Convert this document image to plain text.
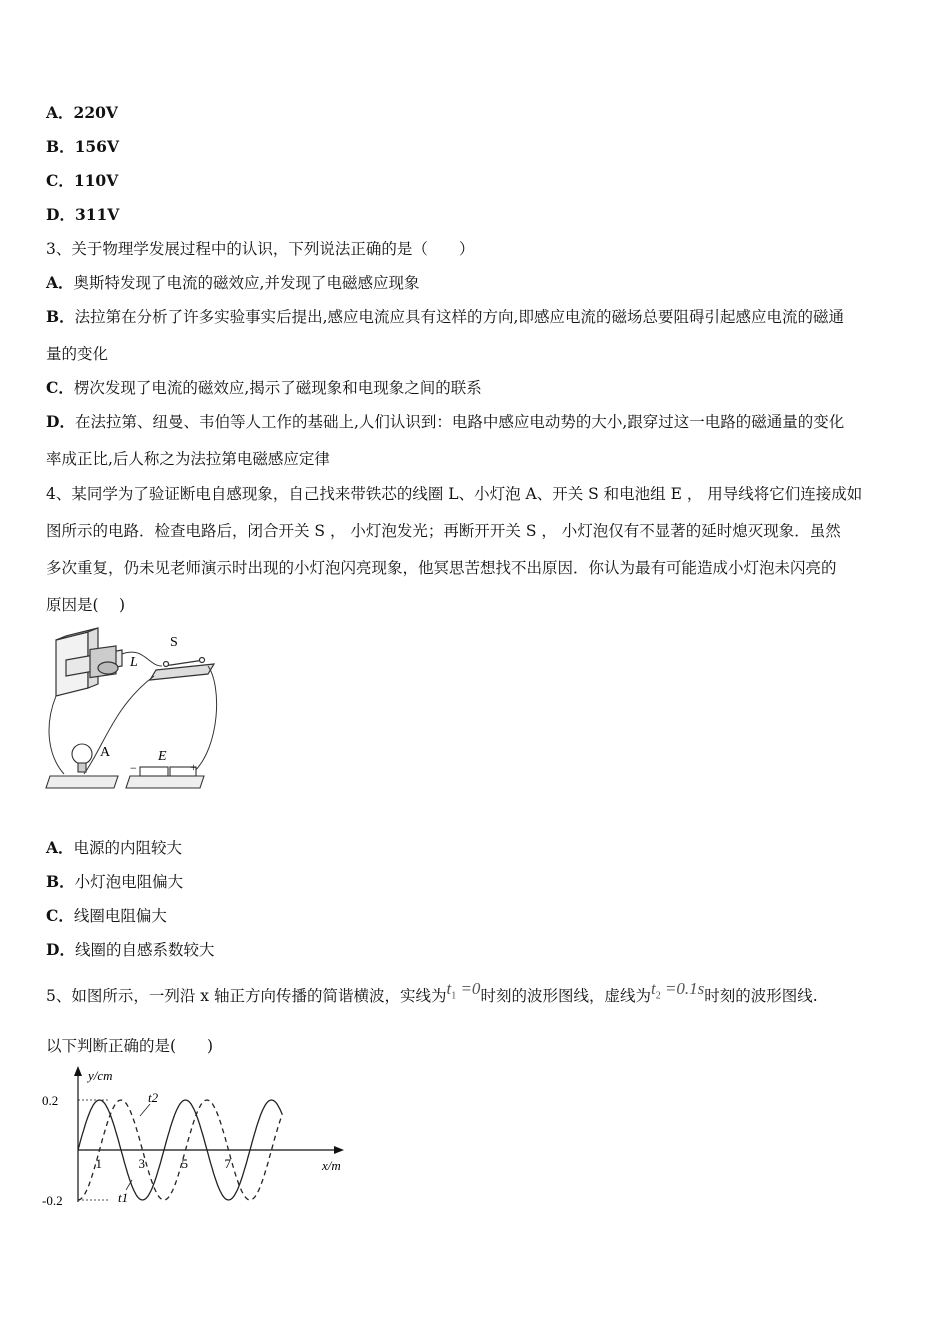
A．220V
B．156V
C．110V
D．311V
3、关于物理学发展过程中的认识，下列说法正确的是（　　）
A．奥斯特发现了电流的磁效应,并发现了电磁感应现象
B．法拉第在分析了许多实验事实后提出,感应电流应具有这样的方向,即感应电流的磁场总要阻碍引起感应电流的磁通
量的变化
C．楞次发现了电流的磁效应,揭示了磁现象和电现象之间的联系
D．在法拉第、纽曼、韦伯等人工作的基础上,人们认识到：电路中感应电动势的大小,跟穿过这一电路的磁通量的变化
率成正比,后人称之为法拉第电磁感应定律
4、某同学为了验证断电自感现象，自己找来带铁芯的线圈 L、小灯泡 A、开关 S 和电池组 E ， 用导线将它们连接成如
图所示的电路．检查电路后，闭合开关 S ， 小灯泡发光；再断开开关 S ， 小灯泡仅有不显著的延时熄灭现象．虽然
多次重复，仍未见老师演示时出现的小灯泡闪亮现象，他冥思苦想找不出原因．你认为最有可能造成小灯泡未闪亮的
原因是(　 )
L
S
A	E
−	+
A．电源的内阻较大
B．小灯泡电阻偏大
C．线圈电阻偏大
D．线圈的自感系数较大
5、如图所示，一列沿 x 轴正方向传播的简谐横波，实线为$t_1 =0$时刻的波形图线，虚线为$t_2 =0.1s$时刻的波形图线.
以下判断正确的是(　　)
y/cm
x/m
0.2
-0.2
1	3	5	7
t2
t1
